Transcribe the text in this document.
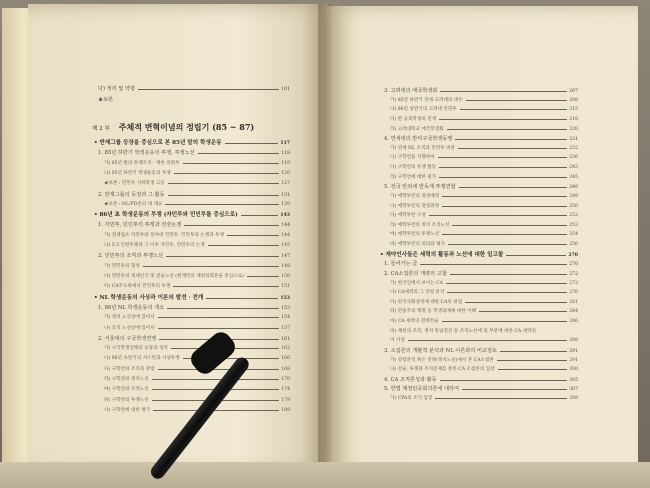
다) 정리 및 약평	101
★보론
제 2 부 주체적 변혁이념의 정립기 (85 ~ 87)
• 반제그룹 등장을 중심으로 본 85년 말의 학생운동	117
1. 85년 하반기 학생운동의 투쟁, 투쟁노선	118
가) 85년 말의 투쟁조직 - 제헌 의원투	119
나) 85년 하반기 학생운동의 투쟁	120
★보론 : 민민투 지하학생 고동	127
2. 반제그룹의 등장과 그 활동	131
★보론 : NL/PD론의 대 개요	139
• 86년 초 학생운동의 투쟁 (자민투와 민민투를 중심으로)	143
1. 자민투, 민민투의 투쟁과 전술논쟁	144
가) 전세업소 자민투와 동아대 민민투, 민민투의 논쟁과 투쟁	144
나) 5·3 인천투쟁과 그 이후 자민투, 민민투의 논쟁	145
2. 민민투의 조직과 투쟁노선	147
가) 민민투의 형성	148
나) 민민투의 정세인식 및 전술노선 (현재민의 제헌의회론을 중심으로)	150
다) CA주도하에서 민민투의 투쟁	151
• NL 학생운동의 사상과 이론의 발전 · 전개	153
1. 86년 NL 학생운동의 개요	153
가) 정치 노선상에 있어서	154
나) 조직 노선상에 있어서	157
2. 서울대의 구국학생연맹	161
가) 구국학생연맹의 등장과 성격	162
나) 86년 초반기의 서스턴과 사상투쟁	166
다) 구학련의 조직과 강령	168
라) 구학련의 정치노선	170
마) 구학련의 조직노선	174
바) 구학련의 투쟁노선	179
사) 구학련에 대한 평가	189
3. 고려대의 애국학생회	207
가) 85년 하반기 연세·고려대의 대두	208
나) 86년 상반기의 고려대 민민투	215
다) 반 응축학생의 전개	218
라) 고려대학교 애국학생회	220
4. 연세대의 반미구국학생동맹	231
가) 연세 NL 조직과 민민투 비판	232
나) 구학련을 지향하여	236
다) 구학련의 투쟁 활동	243
라) 구학련에 대한 평가	245
5. 전국 반외세 반독재 투쟁연합	249
가) 애학투련의 결성배경	249
나) 애학투련의 결성과정	250
다) 애학투련 구성	252
라) 애학투련의 정치 조직노선	253
마) 애학투련의 투쟁노선	254
바) 애학투련의 의의와 평가	256
• 재야인사들은 세력의 활동과 노선에 대한 일고찰	270
1. 들어가는 글	270
2. CA소집론의 개략의 고찰	272
가) 한국인에서 보이는 CA	272
나) CA세력의 그 강령 분석	276
다) 한국사회성격에 대한 CA의 관점	281
라) 민중주의 혁명 등 학생과제에 대한 이해	284
마) CA 세력의 전략전술	286
바) 제헌의 조직, 정치 통일전선 등 조직노선에 및 부분에 대한 CA 세력의
이 사상	288
3. 소집론의 개괄적 분석과 NL 이론과의 비교검토	291
가) 강령분석 혹은 전략(정치노선)에서 본 CA소집론	291
나) 전술, 투쟁과 조직문제를 통한 CA 소집론의 입장	300
4. CA 조직론성과 활동	305
5. 한법 제정민중회의론에 대하여	307
가) CPA의 조기 입장	308
